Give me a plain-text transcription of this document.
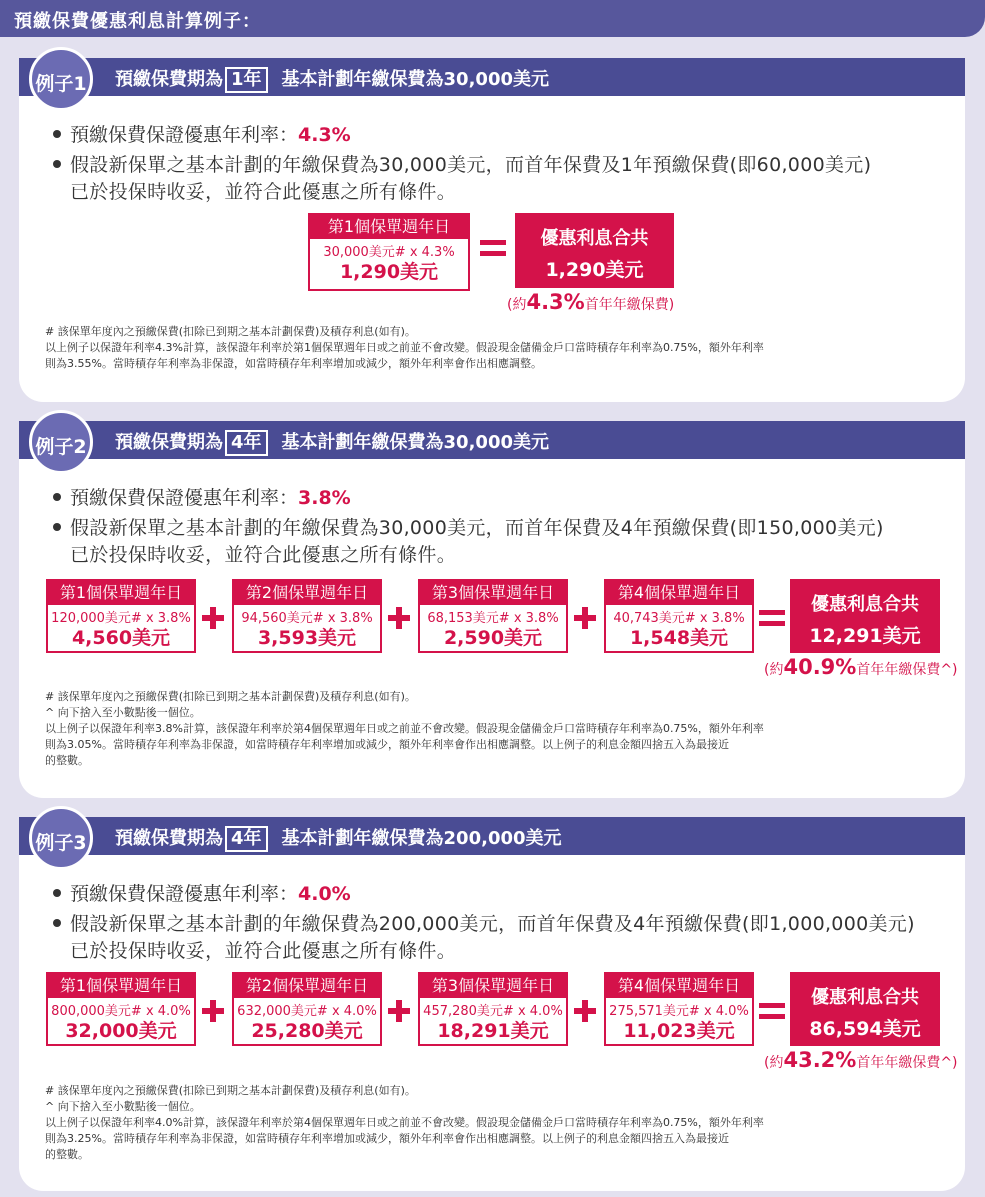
預繳保費優惠利息計算例子：
例子1 預繳保費期為 1年 基本計劃年繳保費為30,000美元
預繳保費保證優惠年利率：4.3%
假設新保單之基本計劃的年繳保費為30,000美元，而首年保費及1年預繳保費(即60,000美元)
已於投保時收妥，並符合此優惠之所有條件。
第1個保單週年日
30,000美元# x 4.3%
1,290美元
優惠利息合共
1,290美元
(約4.3%首年年繳保費)
# 該保單年度內之預繳保費(扣除已到期之基本計劃保費)及積存利息(如有)。
以上例子以保證年利率4.3%計算，該保證年利率於第1個保單週年日或之前並不會改變。假設現金儲備金戶口當時積存年利率為0.75%，額外年利率
則為3.55%。當時積存年利率為非保證，如當時積存年利率增加或減少，額外年利率會作出相應調整。
例子2 預繳保費期為 4年 基本計劃年繳保費為30,000美元
預繳保費保證優惠年利率：3.8%
假設新保單之基本計劃的年繳保費為30,000美元，而首年保費及4年預繳保費(即150,000美元)
已於投保時收妥，並符合此優惠之所有條件。
第1個保單週年日
120,000美元# x 3.8%
4,560美元
第2個保單週年日
94,560美元# x 3.8%
3,593美元
第3個保單週年日
68,153美元# x 3.8%
2,590美元
第4個保單週年日
40,743美元# x 3.8%
1,548美元
優惠利息合共
12,291美元
(約40.9%首年年繳保費^)
# 該保單年度內之預繳保費(扣除已到期之基本計劃保費)及積存利息(如有)。
^ 向下捨入至小數點後一個位。
以上例子以保證年利率3.8%計算，該保證年利率於第4個保單週年日或之前並不會改變。假設現金儲備金戶口當時積存年利率為0.75%，額外年利率
則為3.05%。當時積存年利率為非保證，如當時積存年利率增加或減少，額外年利率會作出相應調整。以上例子的利息金額四捨五入為最接近
的整數。
例子3 預繳保費期為 4年 基本計劃年繳保費為200,000美元
預繳保費保證優惠年利率：4.0%
假設新保單之基本計劃的年繳保費為200,000美元，而首年保費及4年預繳保費(即1,000,000美元)
已於投保時收妥，並符合此優惠之所有條件。
第1個保單週年日
800,000美元# x 4.0%
32,000美元
第2個保單週年日
632,000美元# x 4.0%
25,280美元
第3個保單週年日
457,280美元# x 4.0%
18,291美元
第4個保單週年日
275,571美元# x 4.0%
11,023美元
優惠利息合共
86,594美元
(約43.2%首年年繳保費^)
# 該保單年度內之預繳保費(扣除已到期之基本計劃保費)及積存利息(如有)。
^ 向下捨入至小數點後一個位。
以上例子以保證年利率4.0%計算，該保證年利率於第4個保單週年日或之前並不會改變。假設現金儲備金戶口當時積存年利率為0.75%，額外年利率
則為3.25%。當時積存年利率為非保證，如當時積存年利率增加或減少，額外年利率會作出相應調整。以上例子的利息金額四捨五入為最接近
的整數。
